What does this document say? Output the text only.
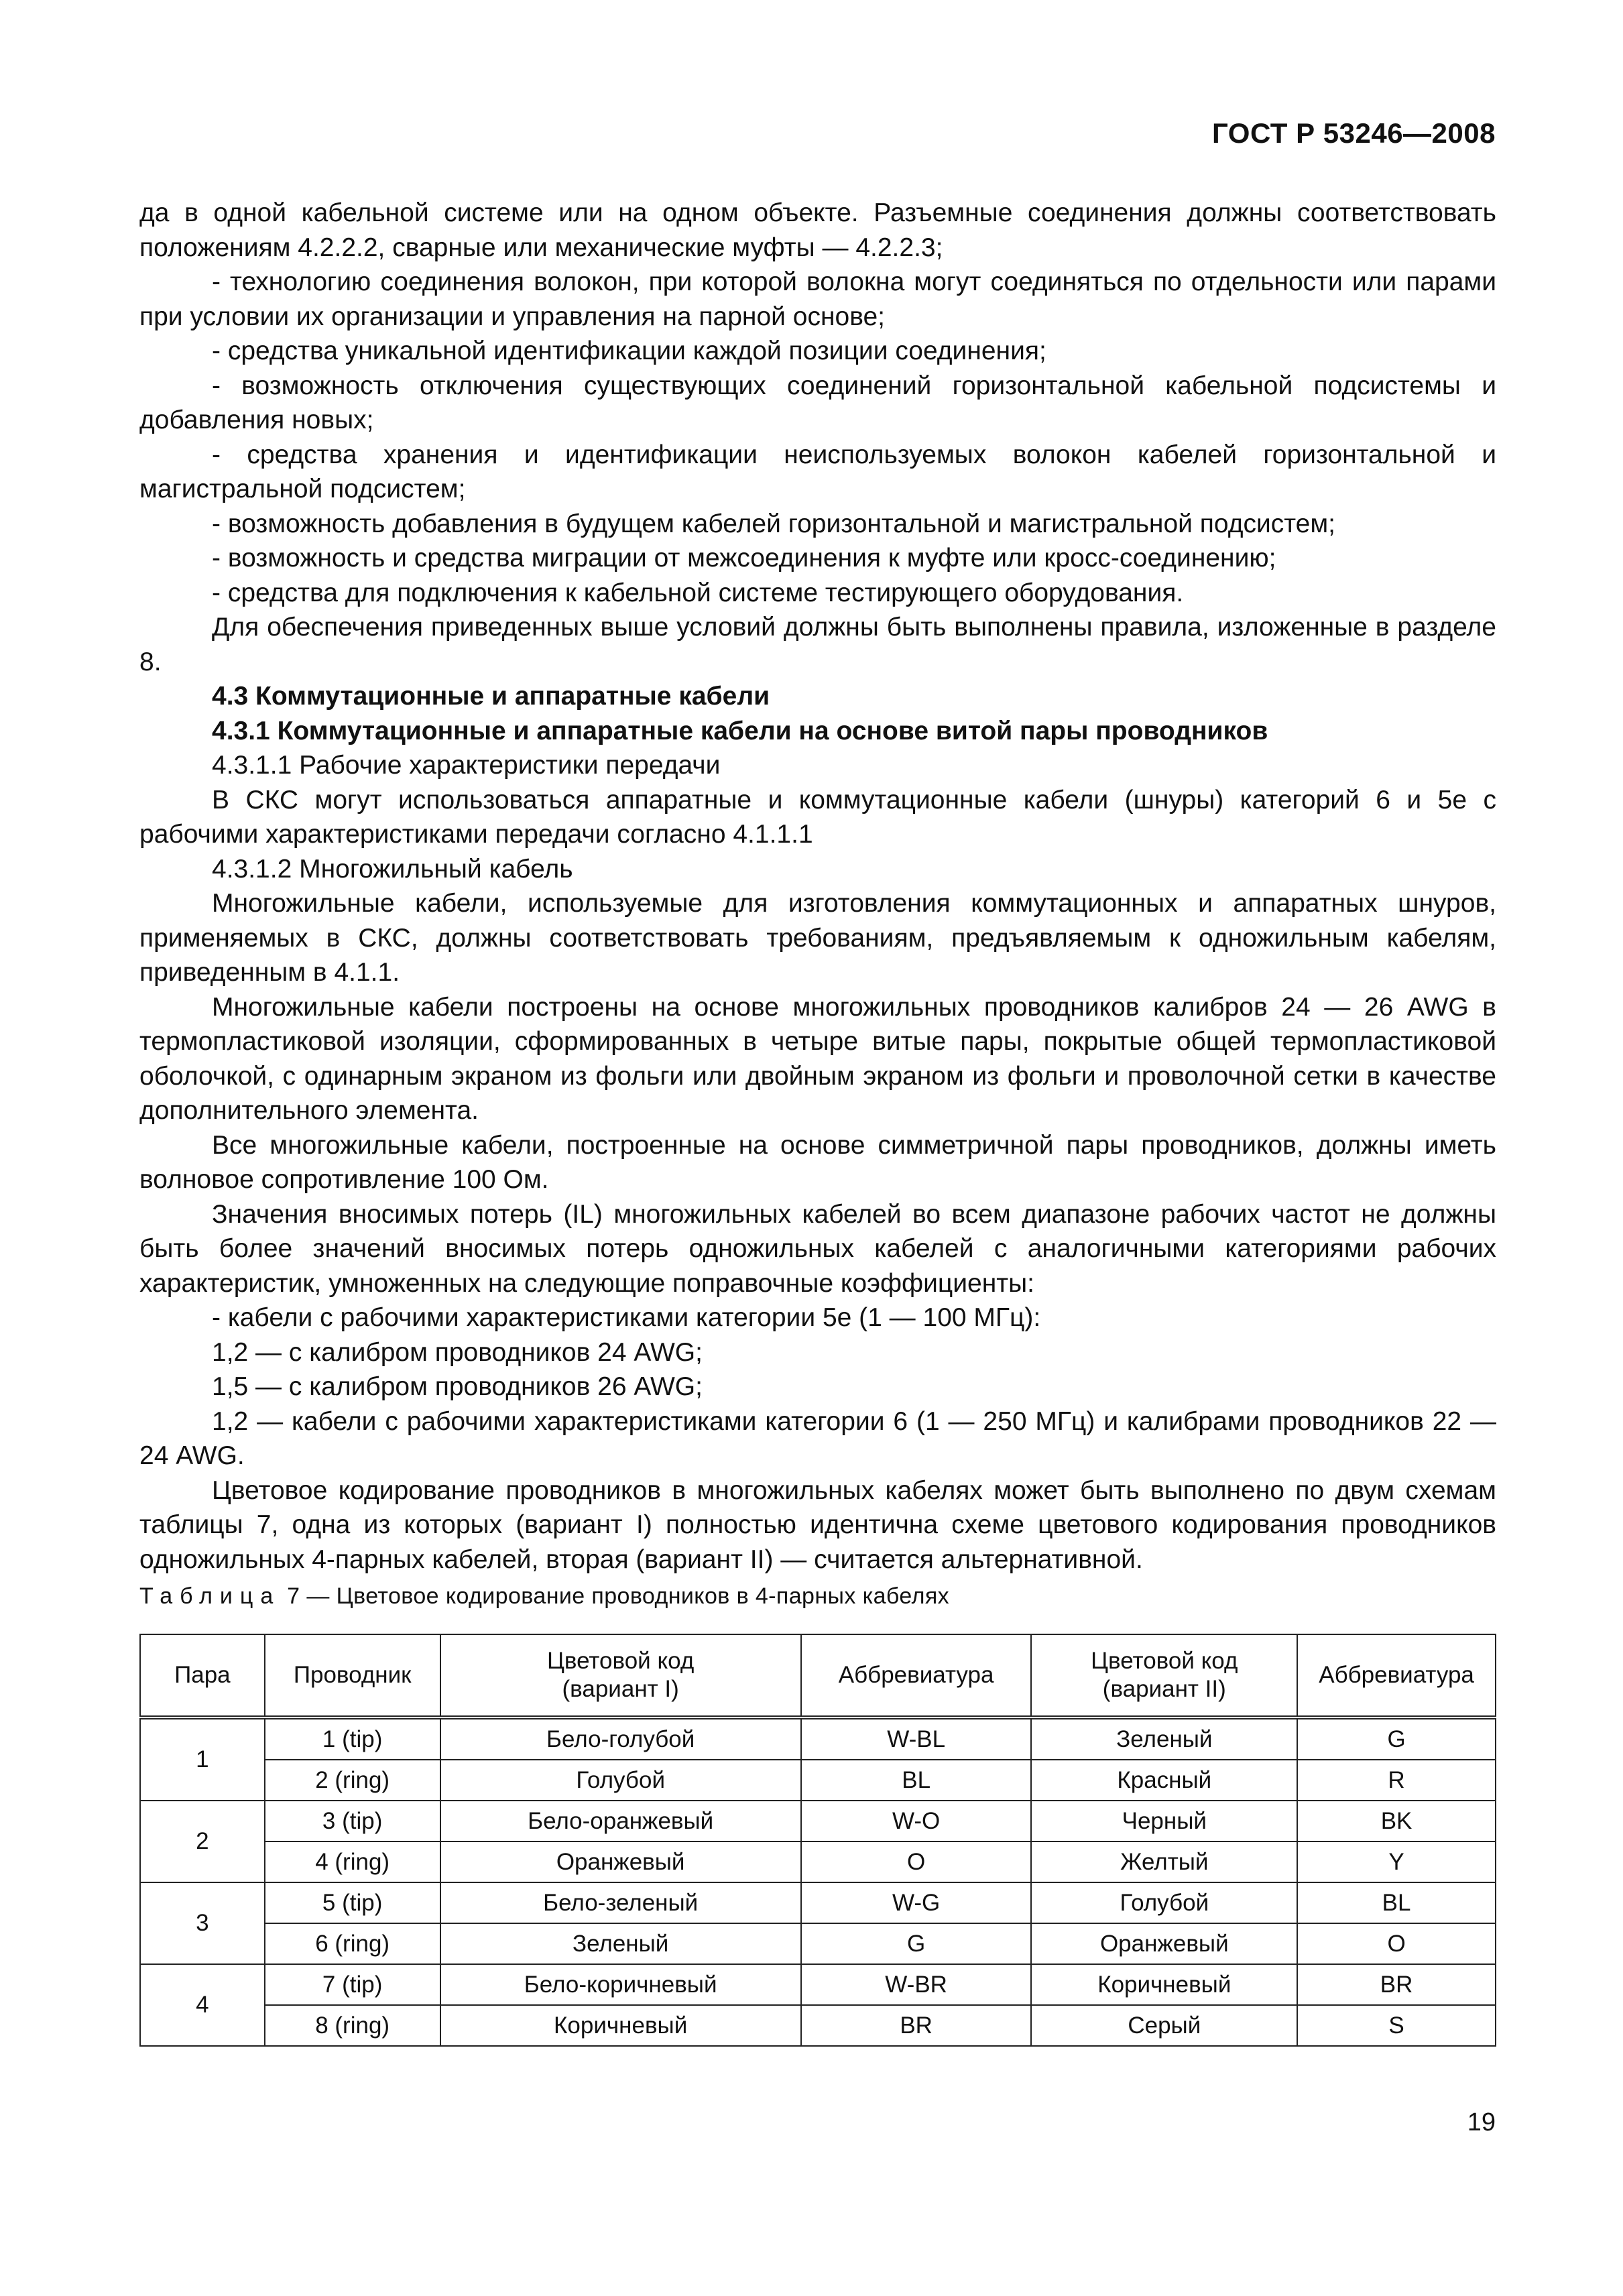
ГОСТ Р 53246—2008

да в одной кабельной системе или на одном объекте. Разъемные соединения должны соответствовать положениям 4.2.2.2, сварные или механические муфты — 4.2.2.3;

- технологию соединения волокон, при которой волокна могут соединяться по отдельности или парами при условии их организации и управления на парной основе;

- средства уникальной идентификации каждой позиции соединения;

- возможность отключения существующих соединений горизонтальной кабельной подсистемы и добавления новых;

- средства хранения и идентификации неиспользуемых волокон кабелей горизонтальной и магистральной подсистем;

- возможность добавления в будущем кабелей горизонтальной и магистральной подсистем;

- возможность и средства миграции от межсоединения к муфте или кросс-соединению;

- средства для подключения к кабельной системе тестирующего оборудования.

Для обеспечения приведенных выше условий должны быть выполнены правила, изложенные в разделе 8.

4.3 Коммутационные и аппаратные кабели

4.3.1 Коммутационные и аппаратные кабели на основе витой пары проводников

4.3.1.1 Рабочие характеристики передачи

В СКС могут использоваться аппаратные и коммутационные кабели (шнуры) категорий 6 и 5е с рабочими характеристиками передачи согласно 4.1.1.1

4.3.1.2 Многожильный кабель

Многожильные кабели, используемые для изготовления коммутационных и аппаратных шнуров, применяемых в СКС, должны соответствовать требованиям, предъявляемым к одножильным кабелям, приведенным в 4.1.1.

Многожильные кабели построены на основе многожильных проводников калибров 24 — 26 AWG в термопластиковой изоляции, сформированных в четыре витые пары, покрытые общей термопластиковой оболочкой, с одинарным экраном из фольги или двойным экраном из фольги и проволочной сетки в качестве дополнительного элемента.

Все многожильные кабели, построенные на основе симметричной пары проводников, должны иметь волновое сопротивление 100 Ом.

Значения вносимых потерь (IL) многожильных кабелей во всем диапазоне рабочих частот не должны быть более значений вносимых потерь одножильных кабелей с аналогичными категориями рабочих характеристик, умноженных на следующие поправочные коэффициенты:

- кабели с рабочими характеристиками категории 5е (1 — 100 МГц):

1,2 — с калибром проводников 24 AWG;

1,5 — с калибром проводников 26 AWG;

1,2 — кабели с рабочими характеристиками категории 6 (1 — 250 МГц) и калибрами проводников 22 — 24 AWG.

Цветовое кодирование проводников в многожильных кабелях может быть выполнено по двум схемам таблицы 7, одна из которых (вариант I) полностью идентична схеме цветового кодирования проводников одножильных 4-парных кабелей, вторая (вариант II) — считается альтернативной.

Таблица 7 — Цветовое кодирование проводников в 4-парных кабелях
Пара	Проводник	Цветовой код (вариант I)	Аббревиатура	Цветовой код (вариант II)	Аббревиатура
1	1 (tip)	Бело-голубой	W-BL	Зеленый	G
	2 (ring)	Голубой	BL	Красный	R
2	3 (tip)	Бело-оранжевый	W-O	Черный	BK
	4 (ring)	Оранжевый	O	Желтый	Y
3	5 (tip)	Бело-зеленый	W-G	Голубой	BL
	6 (ring)	Зеленый	G	Оранжевый	O
4	7 (tip)	Бело-коричневый	W-BR	Коричневый	BR
	8 (ring)	Коричневый	BR	Серый	S
19
